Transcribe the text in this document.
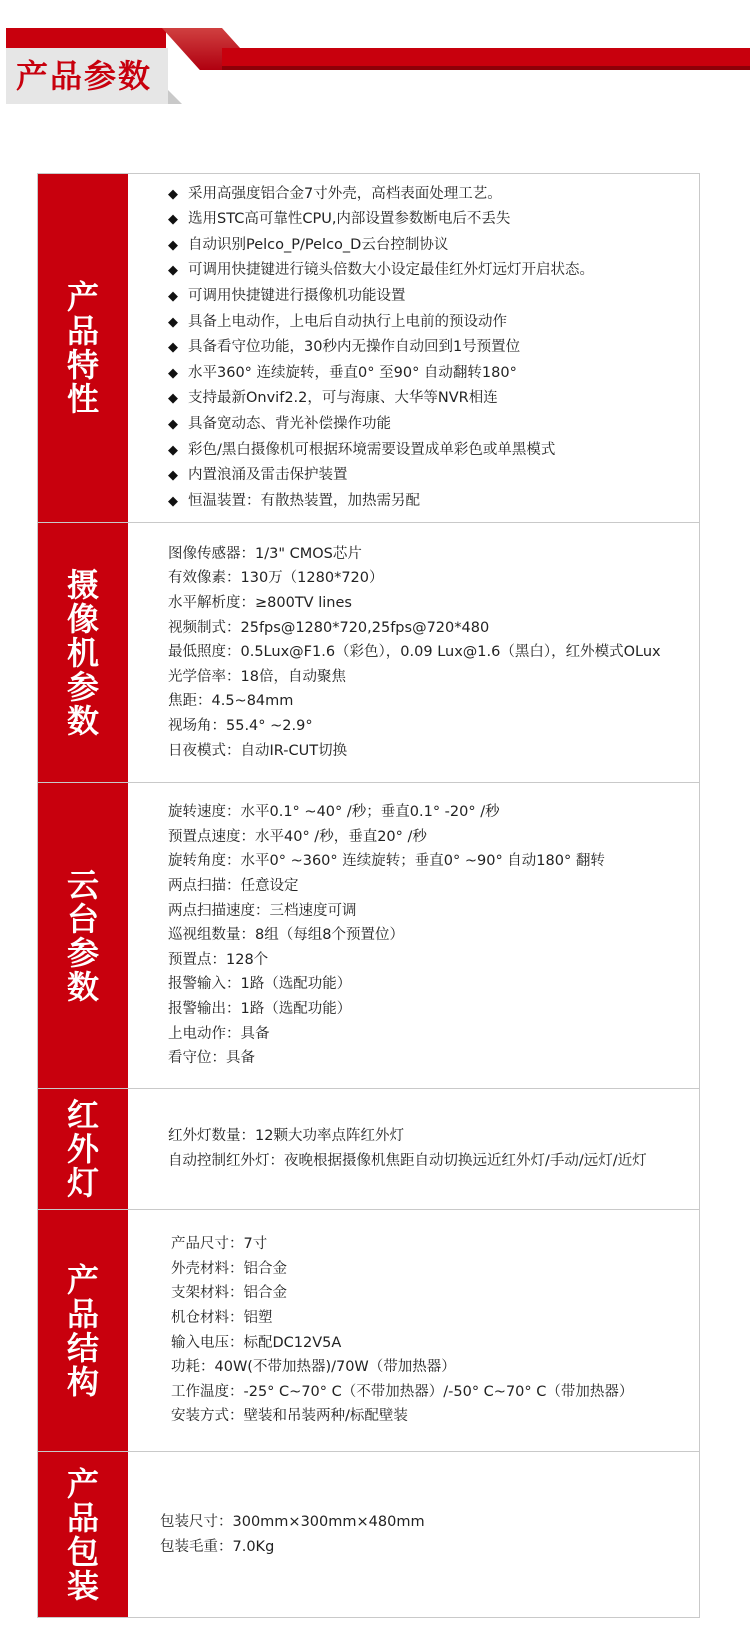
产品参数
产品特性
◆ 采用高强度铝合金7寸外壳，高档表面处理工艺。
◆ 选用STC高可靠性CPU,内部设置参数断电后不丢失
◆ 自动识别Pelco_P/Pelco_D云台控制协议
◆ 可调用快捷键进行镜头倍数大小设定最佳红外灯远灯开启状态。
◆ 可调用快捷键进行摄像机功能设置
◆ 具备上电动作，上电后自动执行上电前的预设动作
◆ 具备看守位功能，30秒内无操作自动回到1号预置位
◆ 水平360° 连续旋转，垂直0° 至90° 自动翻转180°
◆ 支持最新Onvif2.2，可与海康、大华等NVR相连
◆ 具备宽动态、背光补偿操作功能
◆ 彩色/黑白摄像机可根据环境需要设置成单彩色或单黑模式
◆ 内置浪涌及雷击保护装置
◆ 恒温装置：有散热装置，加热需另配
摄像机参数
图像传感器：1/3" CMOS芯片
有效像素：130万（1280*720）
水平解析度：≥800TV lines
视频制式：25fps@1280*720,25fps@720*480
最低照度：0.5Lux@F1.6（彩色），0.09 Lux@1.6（黑白），红外模式OLux
光学倍率：18倍，自动聚焦
焦距：4.5~84mm
视场角：55.4° ~2.9°
日夜模式：自动IR-CUT切换
云台参数
旋转速度：水平0.1° ~40° /秒；垂直0.1° -20° /秒
预置点速度：水平40° /秒，垂直20° /秒
旋转角度：水平0° ~360° 连续旋转；垂直0° ~90° 自动180° 翻转
两点扫描：任意设定
两点扫描速度：三档速度可调
巡视组数量：8组（每组8个预置位）
预置点：128个
报警输入：1路（选配功能）
报警输出：1路（选配功能）
上电动作：具备
看守位：具备
红外灯
红外灯数量：12颗大功率点阵红外灯
自动控制红外灯：夜晚根据摄像机焦距自动切换远近红外灯/手动/远灯/近灯
产品结构
产品尺寸：7寸
外壳材料：铝合金
支架材料：铝合金
机仓材料：铝塑
输入电压：标配DC12V5A
功耗：40W(不带加热器)/70W（带加热器）
工作温度：-25° C~70° C（不带加热器）/-50° C~70° C（带加热器）
安装方式：壁装和吊装两种/标配壁装
产品包装
包装尺寸：300mm×300mm×480mm
包装毛重：7.0Kg
